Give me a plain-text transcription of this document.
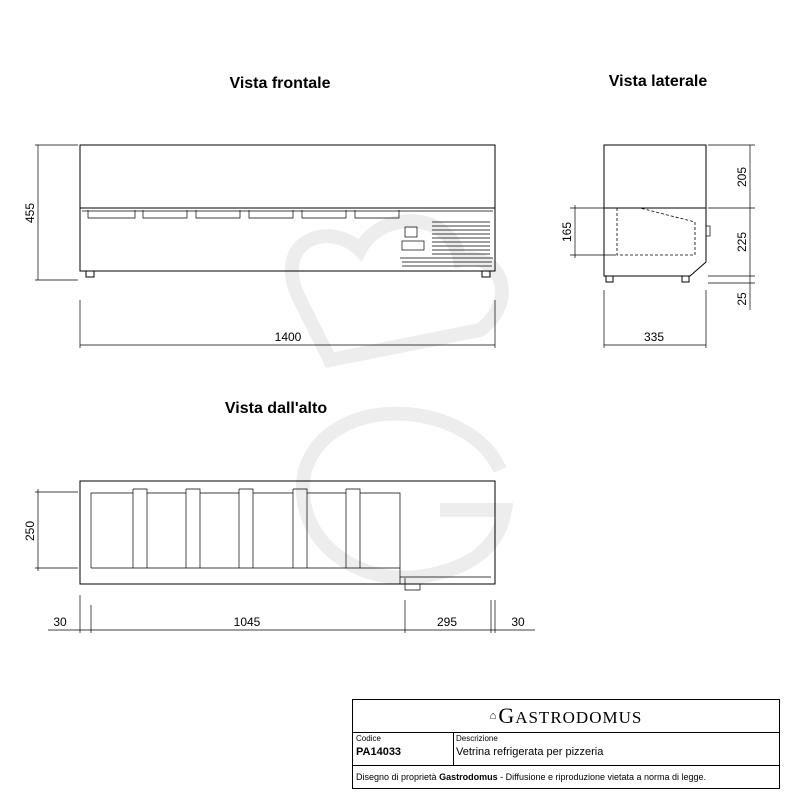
Vista frontale
455
1400
Vista laterale
205
225
25
165
335
Vista dall'alto
250
30	1045	295	30
⌂ GASTRODOMUS
Codice
PA14033
Descrizione
Vetrina refrigerata per pizzeria
Disegno di proprietà Gastrodomus - Diffusione e riproduzione vietata a norma di legge.
